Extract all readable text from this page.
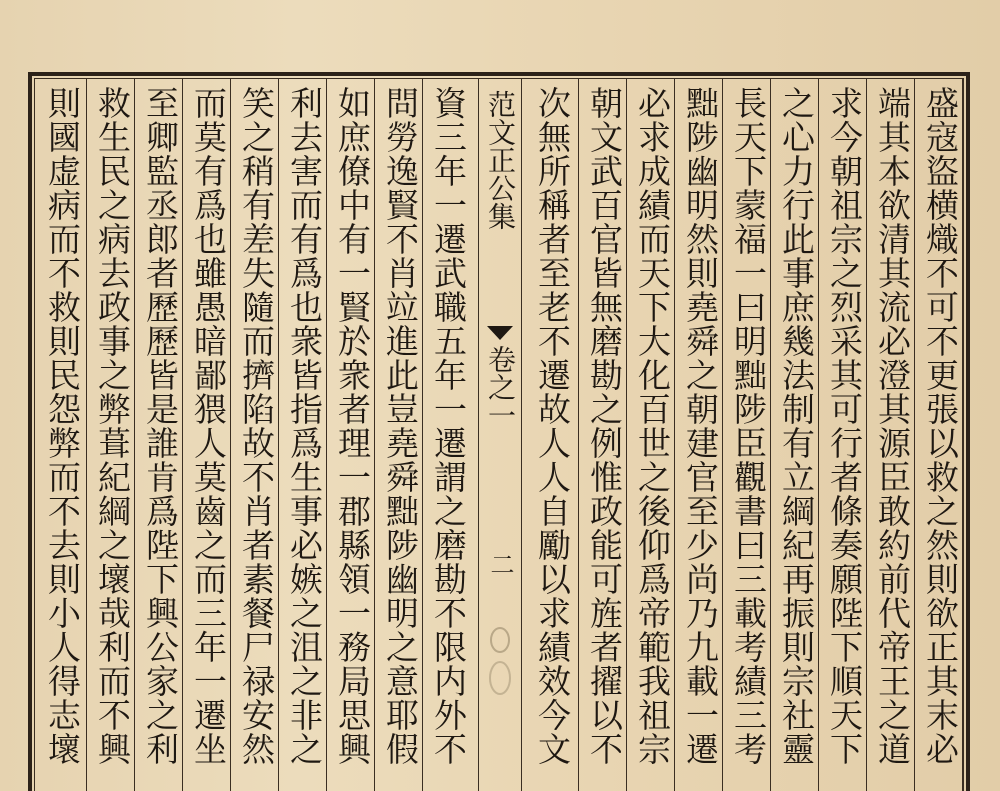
盛寇盜横熾不可不更張以救之然則欲正其末必
端其本欲清其流必澄其源臣敢約前代帝王之道
求今朝祖宗之烈采其可行者條奏願陛下順天下
之心力行此事庶幾法制有立綱紀再振則宗社靈
長天下蒙福一曰明黜陟臣觀書曰三載考績三考
黜陟幽明然則堯舜之朝建官至少尚乃九載一遷
必求成績而天下大化百世之後仰爲帝範我祖宗
朝文武百官皆無磨勘之例惟政能可旌者擢以不
次無所稱者至老不遷故人人自勵以求績效今文
范文正公集
卷之一
二
資三年一遷武職五年一遷謂之磨勘不限内外不
問勞逸賢不肖竝進此豈堯舜黜陟幽明之意耶假
如庶僚中有一賢於衆者理一郡縣領一務局思興
利去害而有爲也衆皆指爲生事必嫉之沮之非之
笑之稍有差失隨而擠陷故不肖者素餐尸禄安然
而莫有爲也雖愚暗鄙猥人莫齒之而三年一遷坐
至卿監丞郎者歷歷皆是誰肯爲陛下興公家之利
救生民之病去政事之弊葺紀綱之壞哉利而不興
則國虚病而不救則民怨弊而不去則小人得志壞
